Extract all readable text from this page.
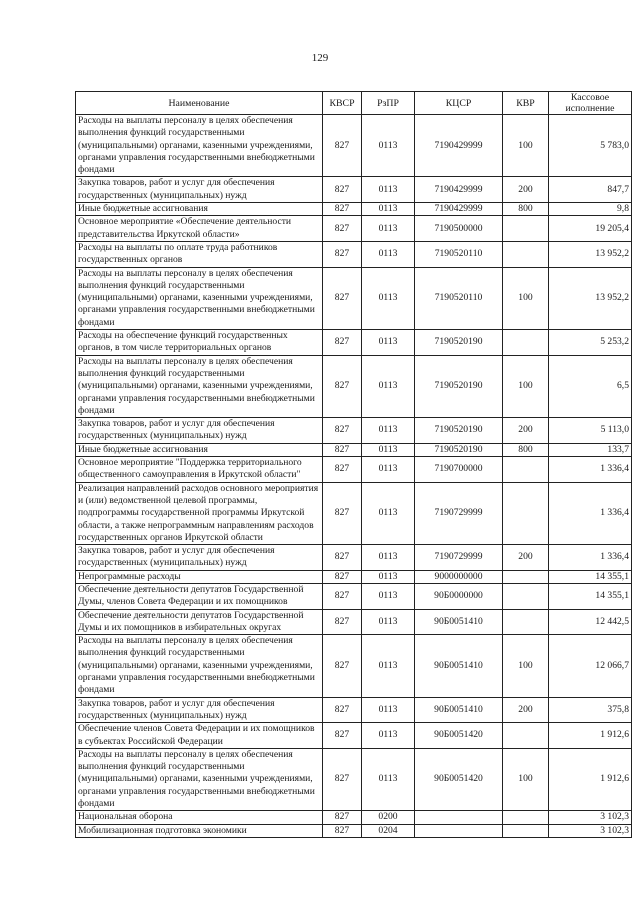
129
Наименование	КВСР	РзПР	КЦСР	КВР	Кассовое исполнение
Расходы на выплаты персоналу в целях обеспечения выполнения функций государственными (муниципальными) органами, казенными учреждениями, органами управления государственными внебюджетными фондами	827	0113	7190429999	100	5 783,0
Закупка товаров, работ и услуг для обеспечения государственных (муниципальных) нужд	827	0113	7190429999	200	847,7
Иные бюджетные ассигнования	827	0113	7190429999	800	9,8
Основное мероприятие «Обеспечение деятельности представительства Иркутской области»	827	0113	7190500000		19 205,4
Расходы на выплаты по оплате труда работников государственных органов	827	0113	7190520110		13 952,2
Расходы на выплаты персоналу в целях обеспечения выполнения функций государственными (муниципальными) органами, казенными учреждениями, органами управления государственными внебюджетными фондами	827	0113	7190520110	100	13 952,2
Расходы на обеспечение функций государственных органов, в том числе территориальных органов	827	0113	7190520190		5 253,2
Расходы на выплаты персоналу в целях обеспечения выполнения функций государственными (муниципальными) органами, казенными учреждениями, органами управления государственными внебюджетными фондами	827	0113	7190520190	100	6,5
Закупка товаров, работ и услуг для обеспечения государственных (муниципальных) нужд	827	0113	7190520190	200	5 113,0
Иные бюджетные ассигнования	827	0113	7190520190	800	133,7
Основное мероприятие "Поддержка территориального общественного самоуправления в Иркутской области"	827	0113	7190700000		1 336,4
Реализация направлений расходов основного мероприятия и (или) ведомственной целевой программы, подпрограммы государственной программы Иркутской области, а также непрограммным направлениям расходов государственных органов Иркутской области	827	0113	7190729999		1 336,4
Закупка товаров, работ и услуг для обеспечения государственных (муниципальных) нужд	827	0113	7190729999	200	1 336,4
Непрограммные расходы	827	0113	9000000000		14 355,1
Обеспечение деятельности депутатов Государственной Думы, членов Совета Федерации и их помощников	827	0113	90Б0000000		14 355,1
Обеспечение деятельности депутатов Государственной Думы и их помощников в избирательных округах	827	0113	90Б0051410		12 442,5
Расходы на выплаты персоналу в целях обеспечения выполнения функций государственными (муниципальными) органами, казенными учреждениями, органами управления государственными внебюджетными фондами	827	0113	90Б0051410	100	12 066,7
Закупка товаров, работ и услуг для обеспечения государственных (муниципальных) нужд	827	0113	90Б0051410	200	375,8
Обеспечение членов Совета Федерации и их помощников в субъектах Российской Федерации	827	0113	90Б0051420		1 912,6
Расходы на выплаты персоналу в целях обеспечения выполнения функций государственными (муниципальными) органами, казенными учреждениями, органами управления государственными внебюджетными фондами	827	0113	90Б0051420	100	1 912,6
Национальная оборона	827	0200			3 102,3
Мобилизационная подготовка экономики	827	0204			3 102,3
